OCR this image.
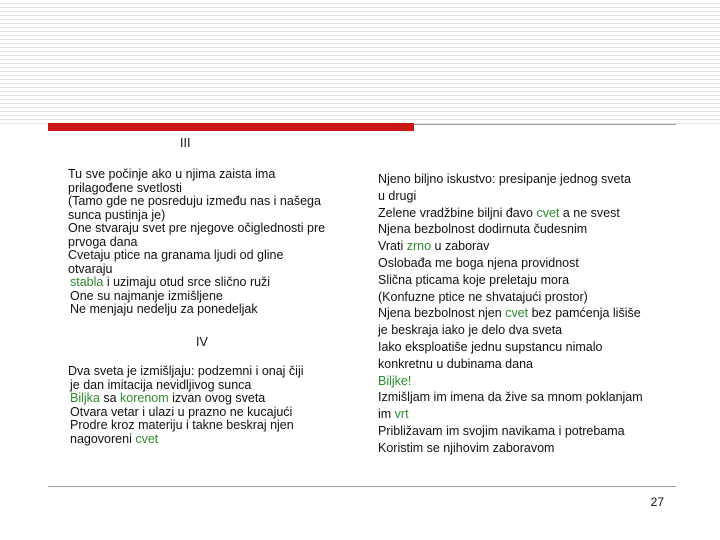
III
Tu sve počinje ako u njima zaista ima
prilagođene svetlosti
(Tamo gde ne posreduju između nas i našega
sunca pustinja je)
One stvaraju svet pre njegove očiglednosti pre
prvoga dana
Cvetaju ptice na granama ljudi od gline
otvaraju
stabla i uzimaju otud srce slično ruži
One su najmanje izmišljene
Ne menjaju nedelju za ponedeljak
IV
Dva sveta je izmišljaju: podzemni i onaj čiji
je dan imitacija nevidljivog sunca
Biljka sa korenom izvan ovog sveta
Otvara vetar i ulazi u prazno ne kucajući
Prodre kroz materiju i takne beskraj njen
nagovoreni cvet
Njeno biljno iskustvo: presipanje jednog sveta
u drugi
Zelene vradžbine biljni đavo cvet a ne svest
Njena bezbolnost dodirnuta čudesnim
Vrati zrno u zaborav
Oslobađa me boga njena providnost
Slična pticama koje preletaju mora
(Konfuzne ptice ne shvatajući prostor)
Njena bezbolnost njen cvet bez pamćenja lišiše
je beskraja iako je delo dva sveta
Iako eksploatiše jednu supstancu nimalo
konkretnu u dubinama dana
Biljke!
Izmišljam im imena da žive sa mnom poklanjam
im vrt
Približavam im svojim navikama i potrebama
Koristim se njihovim zaboravom
27
